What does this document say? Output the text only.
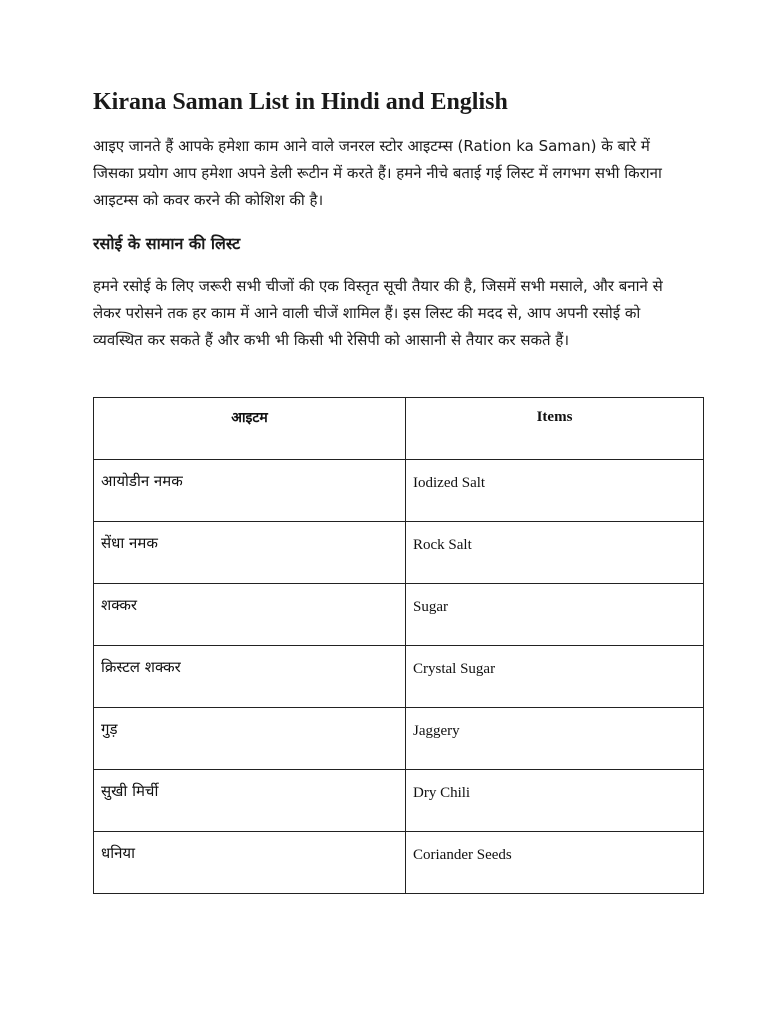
Kirana Saman List in Hindi and English

आइए जानते हैं आपके हमेशा काम आने वाले जनरल स्टोर आइटम्स (Ration ka Saman) के बारे में जिसका प्रयोग आप हमेशा अपने डेली रूटीन में करते हैं। हमने नीचे बताई गई लिस्ट में लगभग सभी किराना आइटम्स को कवर करने की कोशिश की है।

रसोई के सामान की लिस्ट

हमने रसोई के लिए जरूरी सभी चीजों की एक विस्तृत सूची तैयार की है, जिसमें सभी मसाले, और बनाने से लेकर परोसने तक हर काम में आने वाली चीजें शामिल हैं। इस लिस्ट की मदद से, आप अपनी रसोई को व्यवस्थित कर सकते हैं और कभी भी किसी भी रेसिपी को आसानी से तैयार कर सकते हैं।

आइटम	Items

आयोडीन नमक	Iodized Salt

सेंधा नमक	Rock Salt

शक्कर	Sugar

क्रिस्टल शक्कर	Crystal Sugar

गुड़	Jaggery

सुखी मिर्ची	Dry Chili

धनिया	Coriander Seeds
